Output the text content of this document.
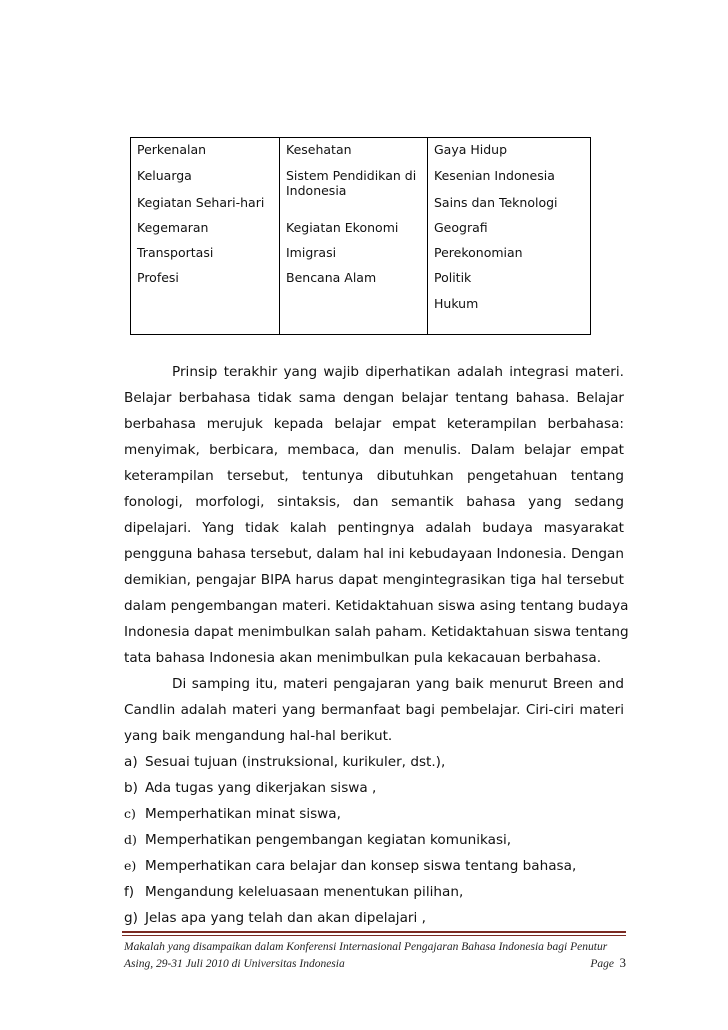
Perkenalan
Keluarga
Kegiatan Sehari-hari
Kegemaran
Transportasi
Profesi
Kesehatan
Sistem Pendidikan di Indonesia
Kegiatan Ekonomi
Imigrasi
Bencana Alam
Gaya Hidup
Kesenian Indonesia
Sains dan Teknologi
Geografi
Perekonomian
Politik
Hukum
Prinsip terakhir yang wajib diperhatikan adalah integrasi materi.
Belajar berbahasa tidak sama dengan belajar tentang bahasa. Belajar
berbahasa merujuk kepada belajar empat keterampilan berbahasa:
menyimak, berbicara, membaca, dan menulis. Dalam belajar empat
keterampilan tersebut, tentunya dibutuhkan pengetahuan tentang
fonologi, morfologi, sintaksis, dan semantik bahasa yang sedang
dipelajari. Yang tidak kalah pentingnya adalah budaya masyarakat
pengguna bahasa tersebut, dalam hal ini kebudayaan Indonesia. Dengan
demikian, pengajar BIPA harus dapat mengintegrasikan tiga hal tersebut
dalam pengembangan materi. Ketidaktahuan siswa asing tentang budaya
Indonesia dapat menimbulkan salah paham. Ketidaktahuan siswa tentang
tata bahasa Indonesia akan menimbulkan pula kekacauan berbahasa.
Di samping itu, materi pengajaran yang baik menurut Breen and
Candlin adalah materi yang bermanfaat bagi pembelajar. Ciri-ciri materi
yang baik mengandung hal-hal berikut.
a) Sesuai tujuan (instruksional, kurikuler, dst.),
b) Ada tugas yang dikerjakan siswa ,
c) Memperhatikan minat siswa,
d) Memperhatikan pengembangan kegiatan komunikasi,
e) Memperhatikan cara belajar dan konsep siswa tentang bahasa,
f) Mengandung keleluasaan menentukan pilihan,
g) Jelas apa yang telah dan akan dipelajari ,
Makalah yang disampaikan dalam Konferensi Internasional Pengajaran Bahasa Indonesia bagi Penutur
Asing, 29-31 Juli 2010 di Universitas Indonesia	Page 3
